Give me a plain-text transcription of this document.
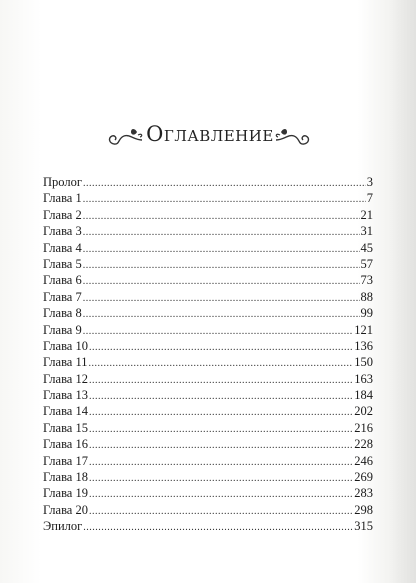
Оглавление
Пролог .....	3
Глава 1 .....	7
Глава 2 .....	21
Глава 3 .....	31
Глава 4 .....	45
Глава 5 .....	57
Глава 6 .....	73
Глава 7 .....	88
Глава 8 .....	99
Глава 9 .....	121
Глава 10 .....	136
Глава 11 .....	150
Глава 12 .....	163
Глава 13 .....	184
Глава 14 .....	202
Глава 15 .....	216
Глава 16 .....	228
Глава 17 .....	246
Глава 18 .....	269
Глава 19 .....	283
Глава 20 .....	298
Эпилог .....	315
